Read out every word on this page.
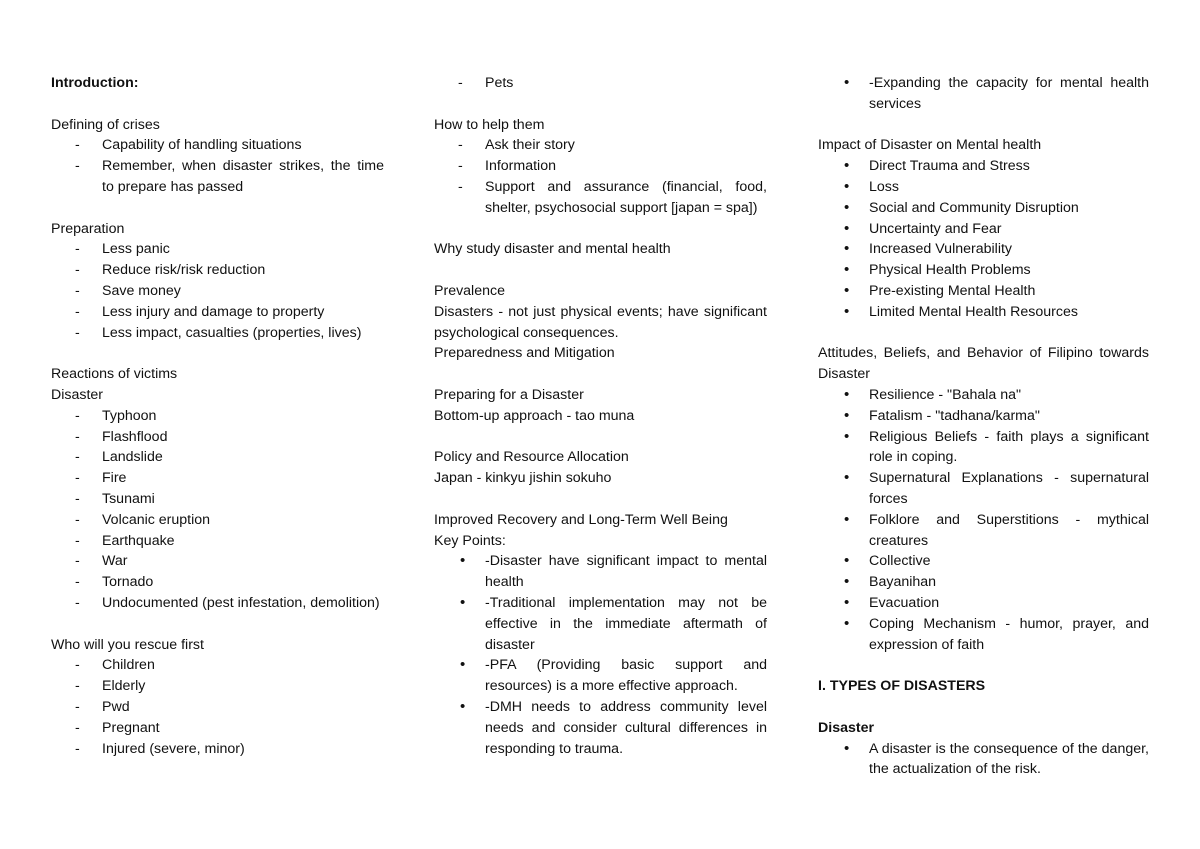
Introduction:

Defining of crises

- Capability of handling situations
- Remember, when disaster strikes, the time to prepare has passed

Preparation

- Less panic
- Reduce risk/risk reduction
- Save money
- Less injury and damage to property
- Less impact, casualties (properties, lives)

Reactions of victims

Disaster

- Typhoon
- Flashflood
- Landslide
- Fire
- Tsunami
- Volcanic eruption
- Earthquake
- War
- Tornado
- Undocumented (pest infestation, demolition)

Who will you rescue first

- Children
- Elderly
- Pwd
- Pregnant
- Injured (severe, minor)
- Pets

How to help them

- Ask their story
- Information
- Support and assurance (financial, food, shelter, psychosocial support [japan = spa])

Why study disaster and mental health

Prevalence

Disasters - not just physical events; have significant psychological consequences.

Preparedness and Mitigation

Preparing for a Disaster

Bottom-up approach - tao muna

Policy and Resource Allocation

Japan - kinkyu jishin sokuho

Improved Recovery and Long-Term Well Being

Key Points:

• -Disaster have significant impact to mental health
• -Traditional implementation may not be effective in the immediate aftermath of disaster
• -PFA (Providing basic support and resources) is a more effective approach.
• -DMH needs to address community level needs and consider cultural differences in responding to trauma.
• -Expanding the capacity for mental health services

Impact of Disaster on Mental health

• Direct Trauma and Stress
• Loss
• Social and Community Disruption
• Uncertainty and Fear
• Increased Vulnerability
• Physical Health Problems
• Pre-existing Mental Health
• Limited Mental Health Resources

Attitudes, Beliefs, and Behavior of Filipino towards Disaster

• Resilience - "Bahala na"
• Fatalism - "tadhana/karma"
• Religious Beliefs - faith plays a significant role in coping.
• Supernatural Explanations - supernatural forces
• Folklore and Superstitions - mythical creatures
• Collective
• Bayanihan
• Evacuation
• Coping Mechanism - humor, prayer, and expression of faith

I. TYPES OF DISASTERS

Disaster

• A disaster is the consequence of the danger, the actualization of the risk.
